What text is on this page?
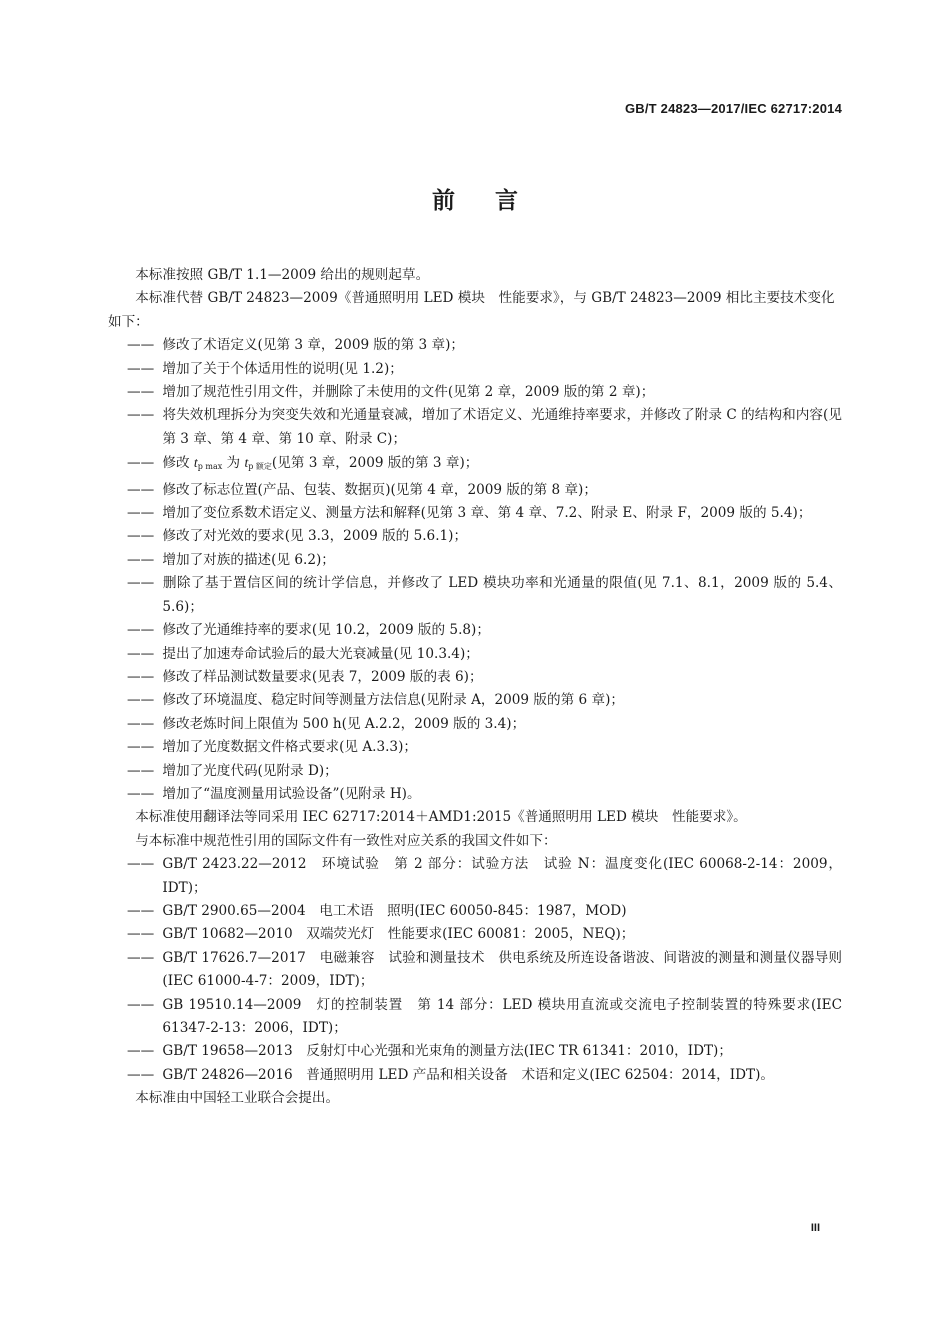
GB/T 24823—2017/IEC 62717:2014
前言

本标准按照 GB/T 1.1—2009 给出的规则起草。

本标准代替 GB/T 24823—2009《普通照明用 LED 模块　性能要求》，与 GB/T 24823—2009 相比主要技术变化如下：

—— 修改了术语定义(见第 3 章，2009 版的第 3 章)；

—— 增加了关于个体适用性的说明(见 1.2)；

—— 增加了规范性引用文件，并删除了未使用的文件(见第 2 章，2009 版的第 2 章)；

—— 将失效机理拆分为突变失效和光通量衰减，增加了术语定义、光通维持率要求，并修改了附录 C 的结构和内容(见第 3 章、第 4 章、第 10 章、附录 C)；

—— 修改 $t_{p max}$ 为 $t_{p 额定}$(见第 3 章，2009 版的第 3 章)；

—— 修改了标志位置(产品、包装、数据页)(见第 4 章，2009 版的第 8 章)；

—— 增加了变位系数术语定义、测量方法和解释(见第 3 章、第 4 章、7.2、附录 E、附录 F，2009 版的 5.4)；

—— 修改了对光效的要求(见 3.3，2009 版的 5.6.1)；

—— 增加了对族的描述(见 6.2)；

—— 删除了基于置信区间的统计学信息，并修改了 LED 模块功率和光通量的限值(见 7.1、8.1，2009 版的 5.4、5.6)；

—— 修改了光通维持率的要求(见 10.2，2009 版的 5.8)；

—— 提出了加速寿命试验后的最大光衰减量(见 10.3.4)；

—— 修改了样品测试数量要求(见表 7，2009 版的表 6)；

—— 修改了环境温度、稳定时间等测量方法信息(见附录 A，2009 版的第 6 章)；

—— 修改老炼时间上限值为 500 h(见 A.2.2，2009 版的 3.4)；

—— 增加了光度数据文件格式要求(见 A.3.3)；

—— 增加了光度代码(见附录 D)；

—— 增加了“温度测量用试验设备”(见附录 H)。

本标准使用翻译法等同采用 IEC 62717:2014＋AMD1:2015《普通照明用 LED 模块　性能要求》。

与本标准中规范性引用的国际文件有一致性对应关系的我国文件如下：

—— GB/T 2423.22—2012　环境试验　第 2 部分：试验方法　试验 N：温度变化(IEC 60068-2-14：2009，IDT)；

—— GB/T 2900.65—2004　电工术语　照明(IEC 60050-845：1987，MOD)

—— GB/T 10682—2010　双端荧光灯　性能要求(IEC 60081：2005，NEQ)；

—— GB/T 17626.7—2017　电磁兼容　试验和测量技术　供电系统及所连设备谐波、间谐波的测量和测量仪器导则(IEC 61000-4-7：2009，IDT)；

—— GB 19510.14—2009　灯的控制装置　第 14 部分：LED 模块用直流或交流电子控制装置的特殊要求(IEC 61347-2-13：2006，IDT)；

—— GB/T 19658—2013　反射灯中心光强和光束角的测量方法(IEC TR 61341：2010，IDT)；

—— GB/T 24826—2016　普通照明用 LED 产品和相关设备　术语和定义(IEC 62504：2014，IDT)。

本标准由中国轻工业联合会提出。

III
